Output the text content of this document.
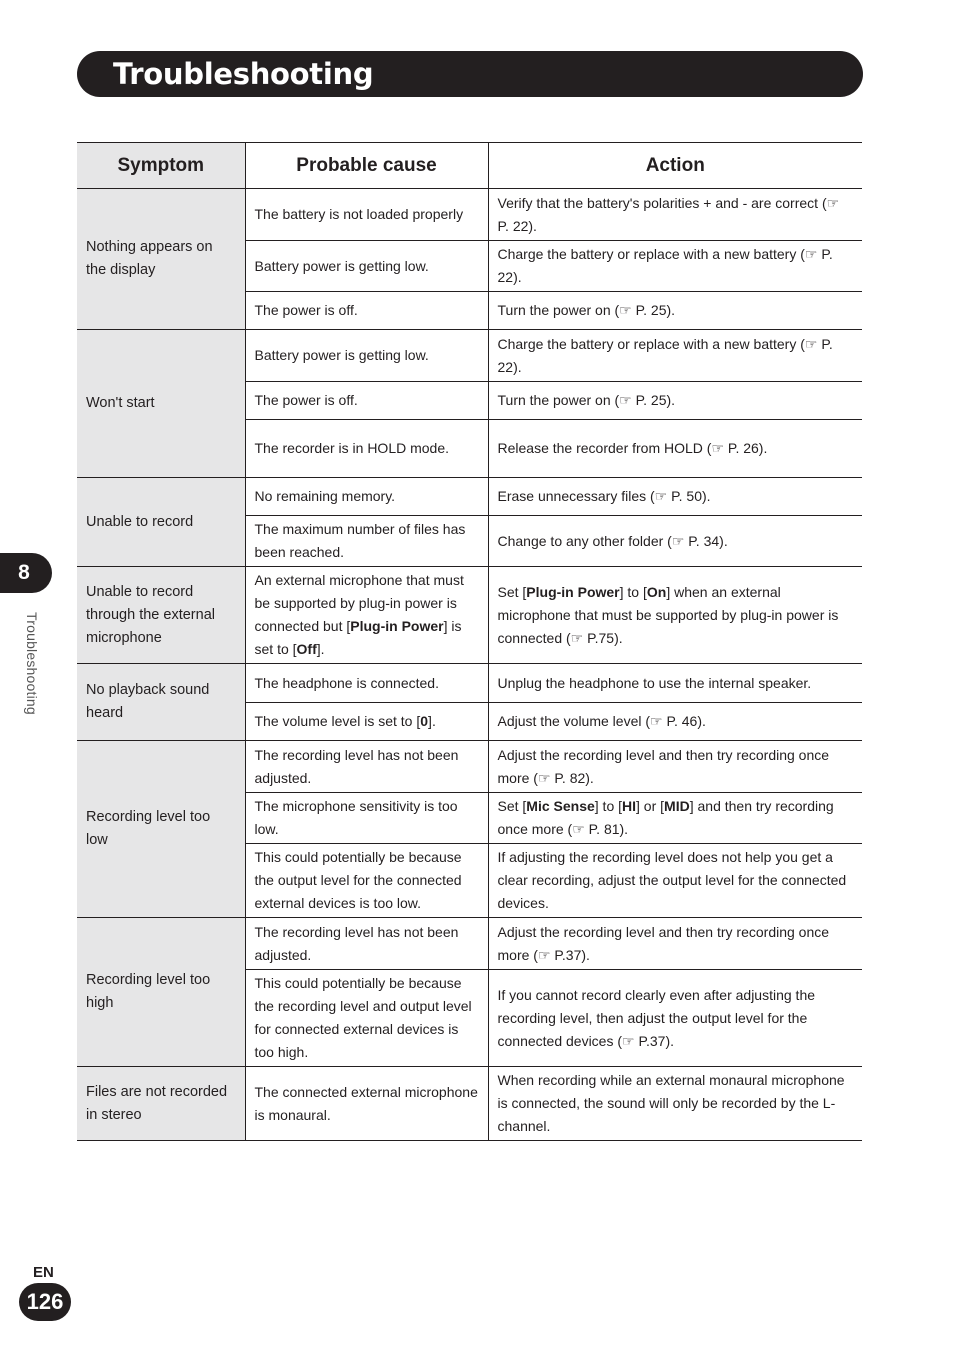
Troubleshooting
Symptom	Probable cause	Action
Nothing appears on the display	The battery is not loaded properly	Verify that the battery's polarities + and - are correct (☞ P. 22).
	Battery power is getting low.	Charge the battery or replace with a new battery (☞ P. 22).
	The power is off.	Turn the power on (☞ P. 25).
Won't start	Battery power is getting low.	Charge the battery or replace with a new battery (☞ P. 22).
	The power is off.	Turn the power on (☞ P. 25).
	The recorder is in HOLD mode.	Release the recorder from HOLD (☞ P. 26).
Unable to record	No remaining memory.	Erase unnecessary files (☞ P. 50).
	The maximum number of files has been reached.	Change to any other folder (☞ P. 34).
Unable to record through the external microphone	An external microphone that must be supported by plug-in power is connected but [Plug-in Power] is set to [Off].	Set [Plug-in Power] to [On] when an external microphone that must be supported by plug-in power is connected (☞ P.75).
No playback sound heard	The headphone is connected.	Unplug the headphone to use the internal speaker.
	The volume level is set to [0].	Adjust the volume level (☞ P. 46).
Recording level too low	The recording level has not been adjusted.	Adjust the recording level and then try recording once more (☞ P. 82).
	The microphone sensitivity is too low.	Set [Mic Sense] to [HI] or [MID] and then try recording once more (☞ P. 81).
	This could potentially be because the output level for the connected external devices is too low.	If adjusting the recording level does not help you get a clear recording, adjust the output level for the connected devices.
Recording level too high	The recording level has not been adjusted.	Adjust the recording level and then try recording once more (☞ P.37).
	This could potentially be because the recording level and output level for connected external devices is too high.	If you cannot record clearly even after adjusting the recording level, then adjust the output level for the connected devices (☞ P.37).
Files are not recorded in stereo	The connected external microphone is monaural.	When recording while an external monaural microphone is connected, the sound will only be recorded by the L-channel.
8
Troubleshooting
EN
126
